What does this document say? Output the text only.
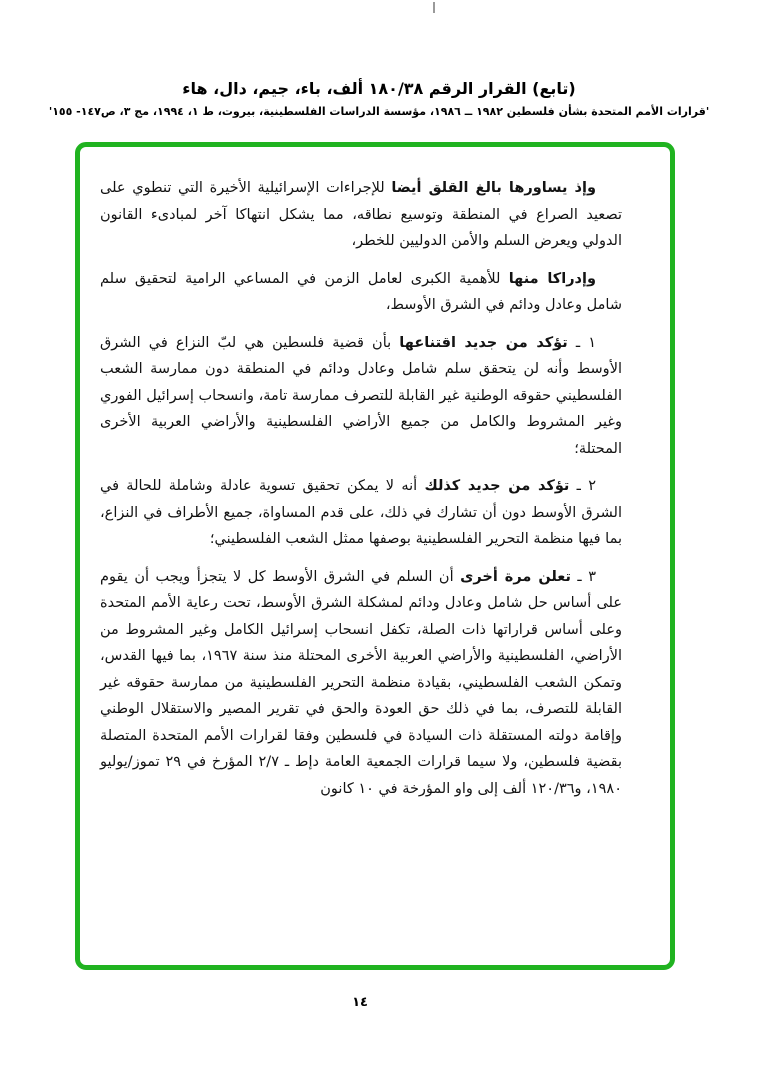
(تابع) القرار الرقم ١٨٠/٣٨ ألف، باء، جيم، دال، هاء
'قرارات الأمم المتحدة بشأن فلسطين ١٩٨٢ ــ ١٩٨٦، مؤسسة الدراسات الفلسطينية، بيروت، ط ١، ١٩٩٤، مج ٣، ص١٤٧- ١٥٥'

وإذ يساورها بالغ القلق أيضا للإجراءات الإسرائيلية الأخيرة التي تنطوي على تصعيد الصراع في المنطقة وتوسيع نطاقه، مما يشكل انتهاكا آخر لمبادىء القانون الدولي ويعرض السلم والأمن الدوليين للخطر،

وإدراكا منها للأهمية الكبرى لعامل الزمن في المساعي الرامية لتحقيق سلم شامل وعادل ودائم في الشرق الأوسط،

١ ـ تؤكد من جديد اقتناعها بأن قضية فلسطين هي لبّ النزاع في الشرق الأوسط وأنه لن يتحقق سلم شامل وعادل ودائم في المنطقة دون ممارسة الشعب الفلسطيني حقوقه الوطنية غير القابلة للتصرف ممارسة تامة، وانسحاب إسرائيل الفوري وغير المشروط والكامل من جميع الأراضي الفلسطينية والأراضي العربية الأخرى المحتلة؛

٢ ـ تؤكد من جديد كذلك أنه لا يمكن تحقيق تسوية عادلة وشاملة للحالة في الشرق الأوسط دون أن تشارك في ذلك، على قدم المساواة، جميع الأطراف في النزاع، بما فيها منظمة التحرير الفلسطينية بوصفها ممثل الشعب الفلسطيني؛

٣ ـ تعلن مرة أخرى أن السلم في الشرق الأوسط كل لا يتجزأ ويجب أن يقوم على أساس حل شامل وعادل ودائم لمشكلة الشرق الأوسط، تحت رعاية الأمم المتحدة وعلى أساس قراراتها ذات الصلة، تكفل انسحاب إسرائيل الكامل وغير المشروط من الأراضي، الفلسطينية والأراضي العربية الأخرى المحتلة منذ سنة ١٩٦٧، بما فيها القدس، وتمكن الشعب الفلسطيني، بقيادة منظمة التحرير الفلسطينية من ممارسة حقوقه غير القابلة للتصرف، بما في ذلك حق العودة والحق في تقرير المصير والاستقلال الوطني وإقامة دولته المستقلة ذات السيادة في فلسطين وفقا لقرارات الأمم المتحدة المتصلة بقضية فلسطين، ولا سيما قرارات الجمعية العامة دإط ـ ٢/٧ المؤرخ في ٢٩ تموز/يوليو ١٩٨٠، و١٢٠/٣٦ ألف إلى واو المؤرخة في ١٠ كانون

١٤
